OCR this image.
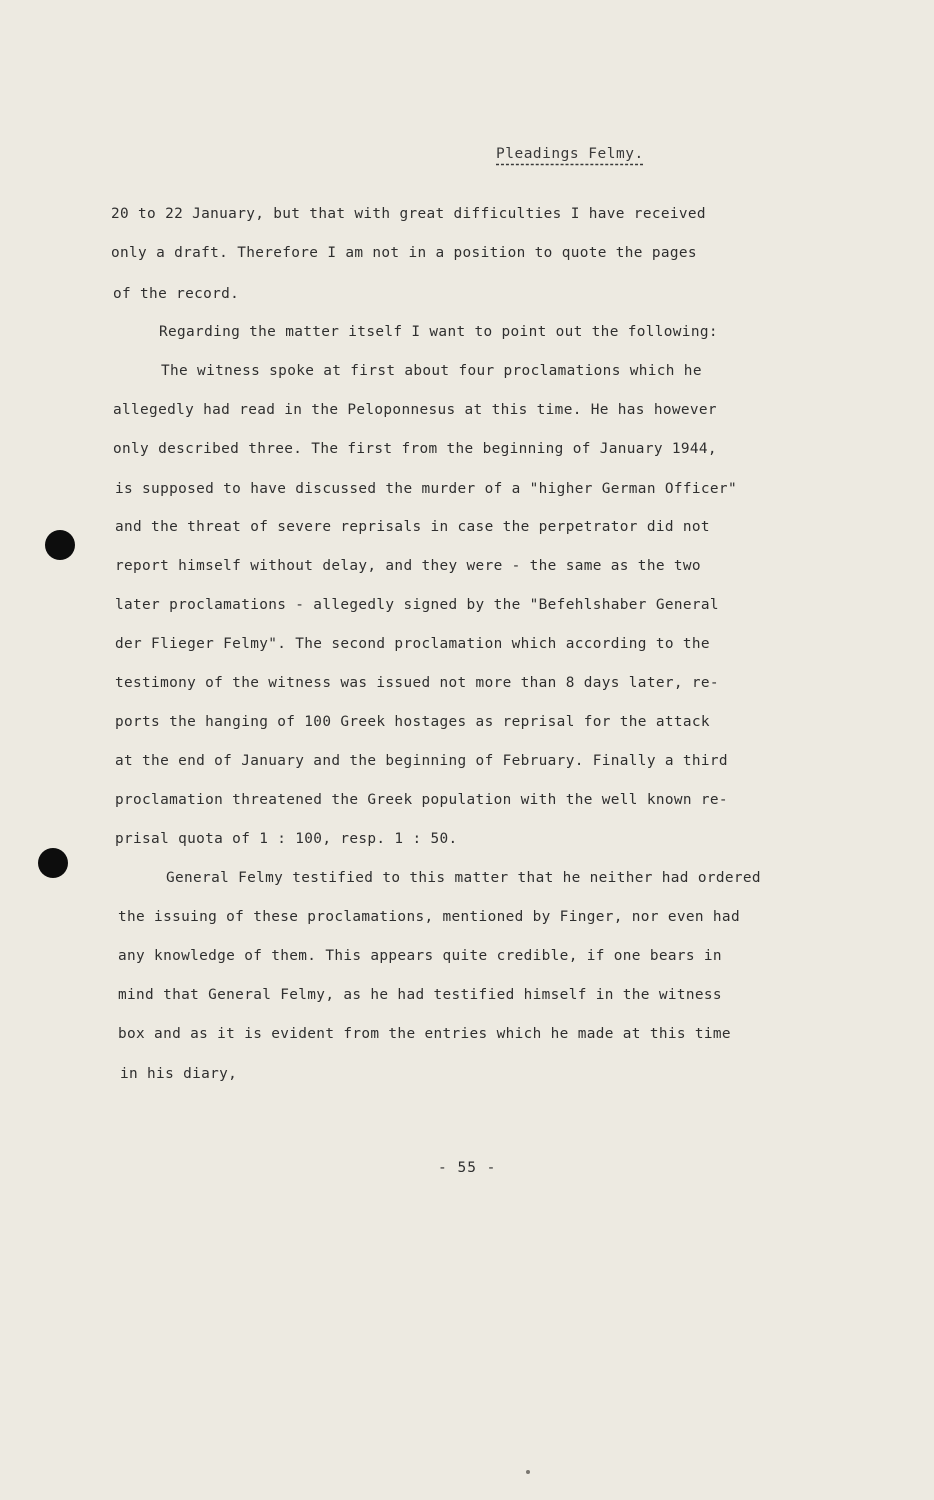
Pleadings Felmy.
20 to 22 January, but that with great difficulties I have received
only a draft. Therefore I am not in a position to quote the pages
of the record.
Regarding the matter itself I want to point out the following:
The witness spoke at first about four proclamations which he
allegedly had read in the Peloponnesus at this time. He has however
only described three. The first from the beginning of January 1944,
is supposed to have discussed the murder of a "higher German Officer"
and the threat of severe reprisals in case the perpetrator did not
report himself without delay, and they were - the same as the two
later proclamations - allegedly signed by the "Befehlshaber General
der Flieger Felmy". The second proclamation which according to the
testimony of the witness was issued not more than 8 days later, re-
ports the hanging of 100 Greek hostages as reprisal for the attack
at the end of January and the beginning of February. Finally a third
proclamation threatened the Greek population with the well known re-
prisal quota of 1 : 100, resp. 1 : 50.
General Felmy testified to this matter that he neither had ordered
the issuing of these proclamations, mentioned by Finger, nor even had
any knowledge of them. This appears quite credible, if one bears in
mind that General Felmy, as he had testified himself in the witness
box and as it is evident from the entries which he made at this time
in his diary,
- 55 -
